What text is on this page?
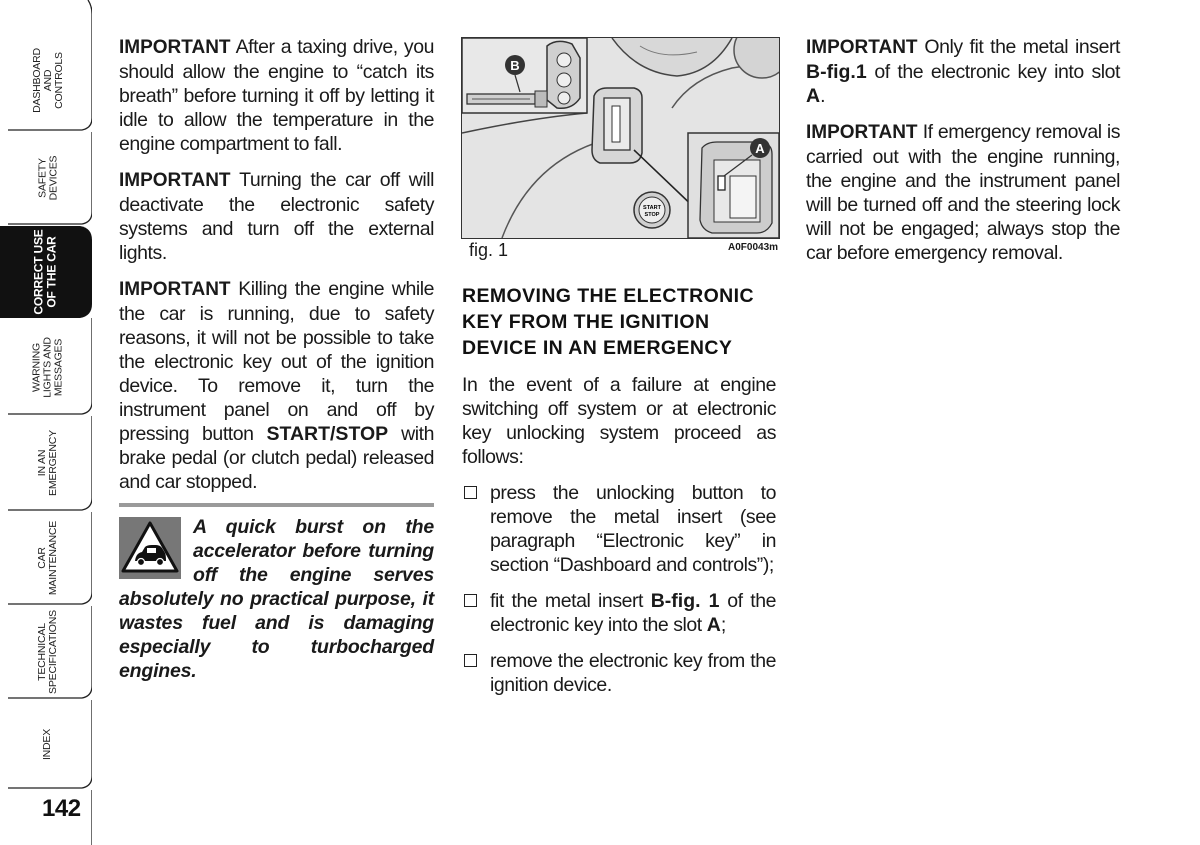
DASHBOARD
AND
CONTROLS
SAFETY
DEVICES
CORRECT USE
OF THE CAR
WARNING
LIGHTS AND
MESSAGES
IN AN
EMERGENCY
CAR
MAINTENANCE
TECHNICAL
SPECIFICATIONS
INDEX
142

IMPORTANT After a taxing drive, you should allow the engine to “catch its breath” before turning it off by letting it idle to allow the temperature in the engine compartment to fall.

IMPORTANT Turning the car off will deactivate the electronic safety systems and turn off the external lights.

IMPORTANT Killing the engine while the car is running, due to safety reasons, it will not be possible to take the electronic key out of the ignition device. To remove it, turn the instrument panel on and off by pressing button START/STOP with brake pedal (or clutch pedal) released and car stopped.

A quick burst on the accelerator before turning off the engine serves absolutely no practical purpose, it wastes fuel and is damaging especially to turbocharged engines.
B
START
STOP
A
fig. 1	A0F0043m
REMOVING THE ELECTRONIC KEY FROM THE IGNITION DEVICE IN AN EMERGENCY

In the event of a failure at engine switching off system or at electronic key unlocking system proceed as follows:

press the unlocking button to remove the metal insert (see paragraph “Electronic key” in section “Dashboard and controls”);
fit the metal insert B-fig. 1 of the electronic key into the slot A;
remove the electronic key from the ignition device.

IMPORTANT Only fit the metal insert B-fig.1 of the electronic key into slot A.

IMPORTANT If emergency removal is carried out with the engine running, the engine and the instrument panel will be turned off and the steering lock will not be engaged; always stop the car before emergency removal.
